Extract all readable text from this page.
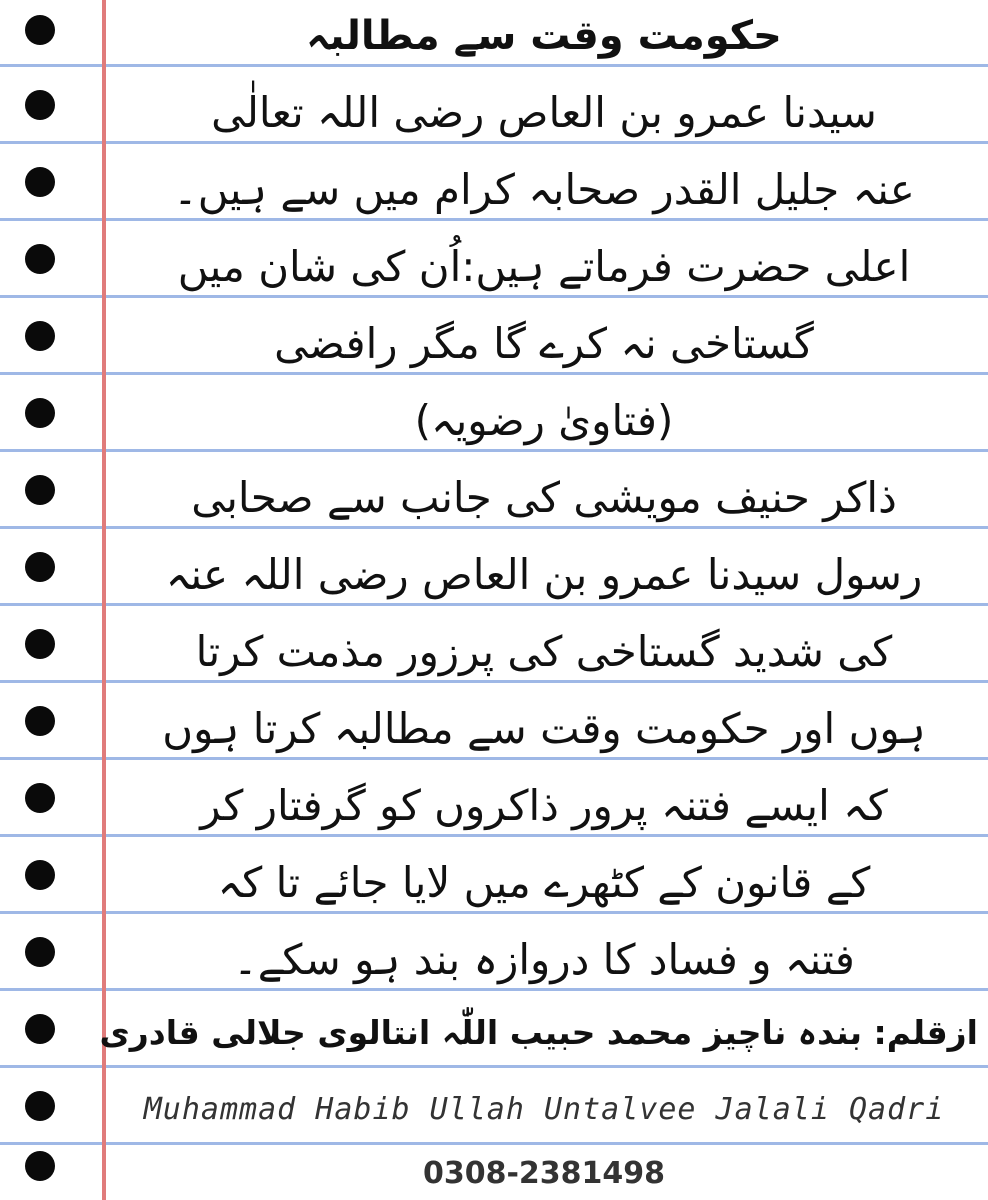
حکومت وقت سے مطالبہ
سیدنا عمرو بن العاص رضی اللہ تعالٰی
عنہ جلیل القدر صحابہ کرام میں سے ہیں۔
اعلی حضرت فرماتے ہیں:اُن کی شان میں
گستاخی نہ کرے گا مگر رافضی
(فتاویٰ رضویہ)
ذاکر حنیف مویشی کی جانب سے صحابی
رسول سیدنا عمرو بن العاص رضی اللہ عنہ
کی شدید گستاخی کی پرزور مذمت کرتا
ہوں اور حکومت وقت سے مطالبہ کرتا ہوں
کہ ایسے فتنہ پرور ذاکروں کو گرفتار کر
کے قانون کے کٹھرے میں لایا جائے تا کہ
فتنہ و فساد کا دروازہ بند ہو سکے۔
ازقلم: بندہ ناچیز محمد حبیب اللّٰہ انتالوی جلالی قادری
Muhammad Habib Ullah Untalvee Jalali Qadri
0308-2381498
